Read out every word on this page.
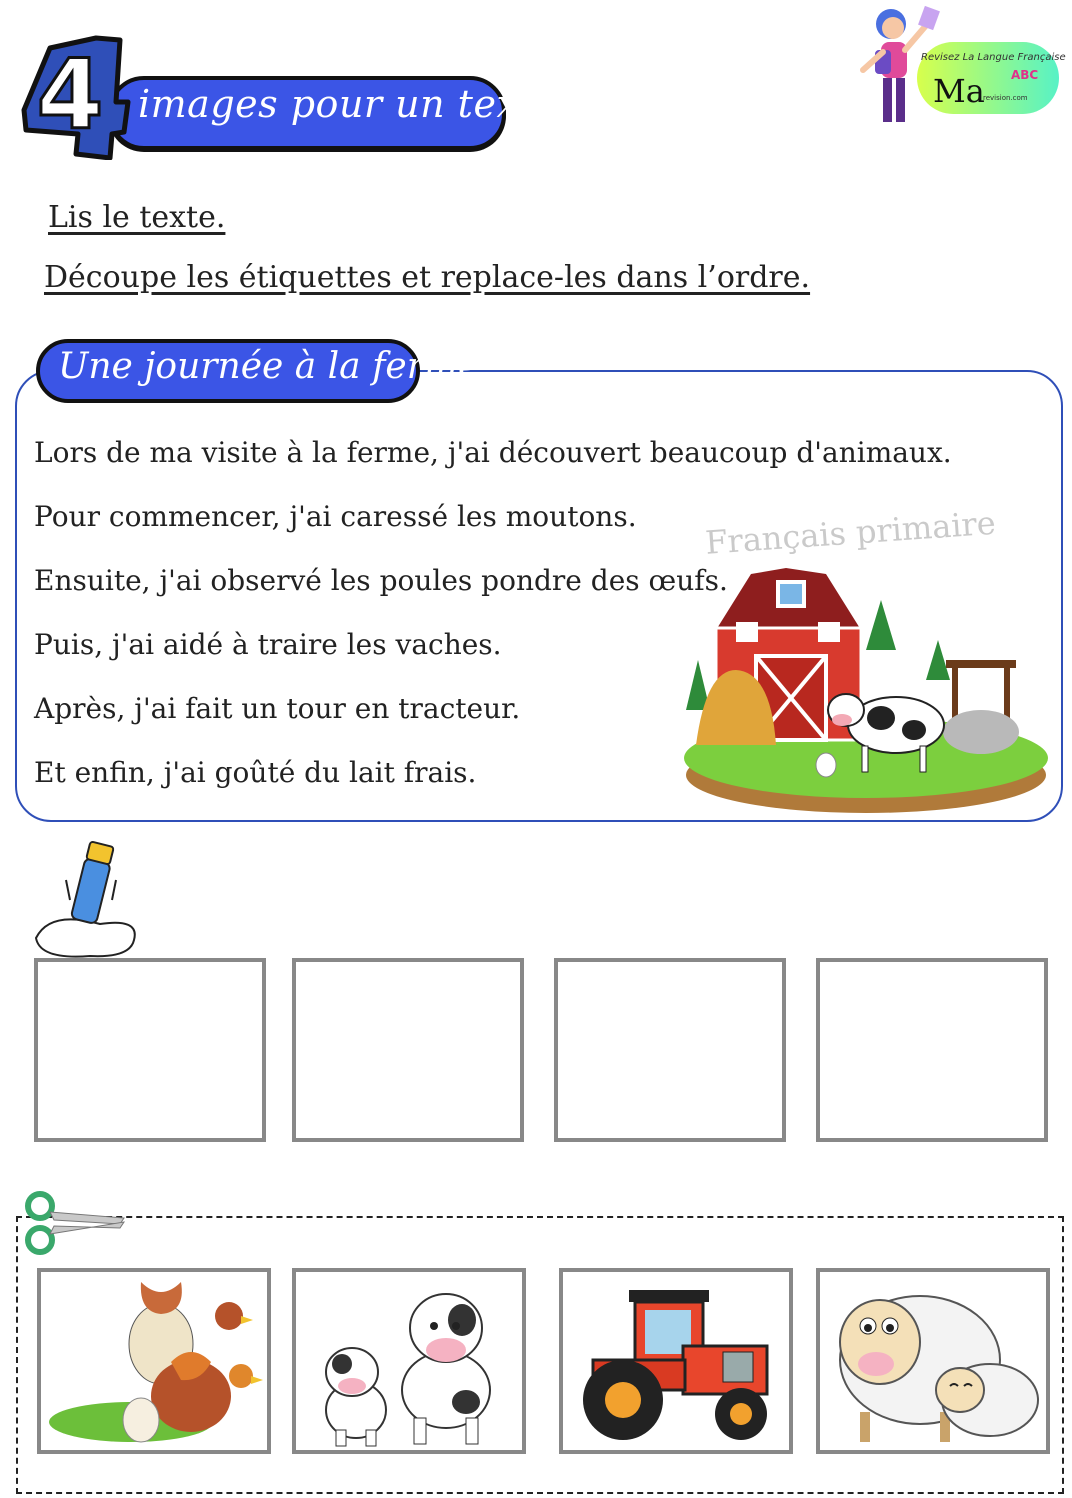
images pour un texte
4	Revisez La Langue Française
Ma ABC
revision.com
Lis le texte.
Découpe les étiquettes et replace-les dans l’ordre.
Une journée à la ferme
Lors de ma visite à la ferme, j'ai découvert beaucoup d'animaux.
Pour commencer, j'ai caressé les moutons.
Ensuite, j'ai observé les poules pondre des œufs.
Puis, j'ai aidé à traire les vaches.
Après, j'ai fait un tour en tracteur.
Et enfin, j'ai goûté du lait frais.
Français primaire
